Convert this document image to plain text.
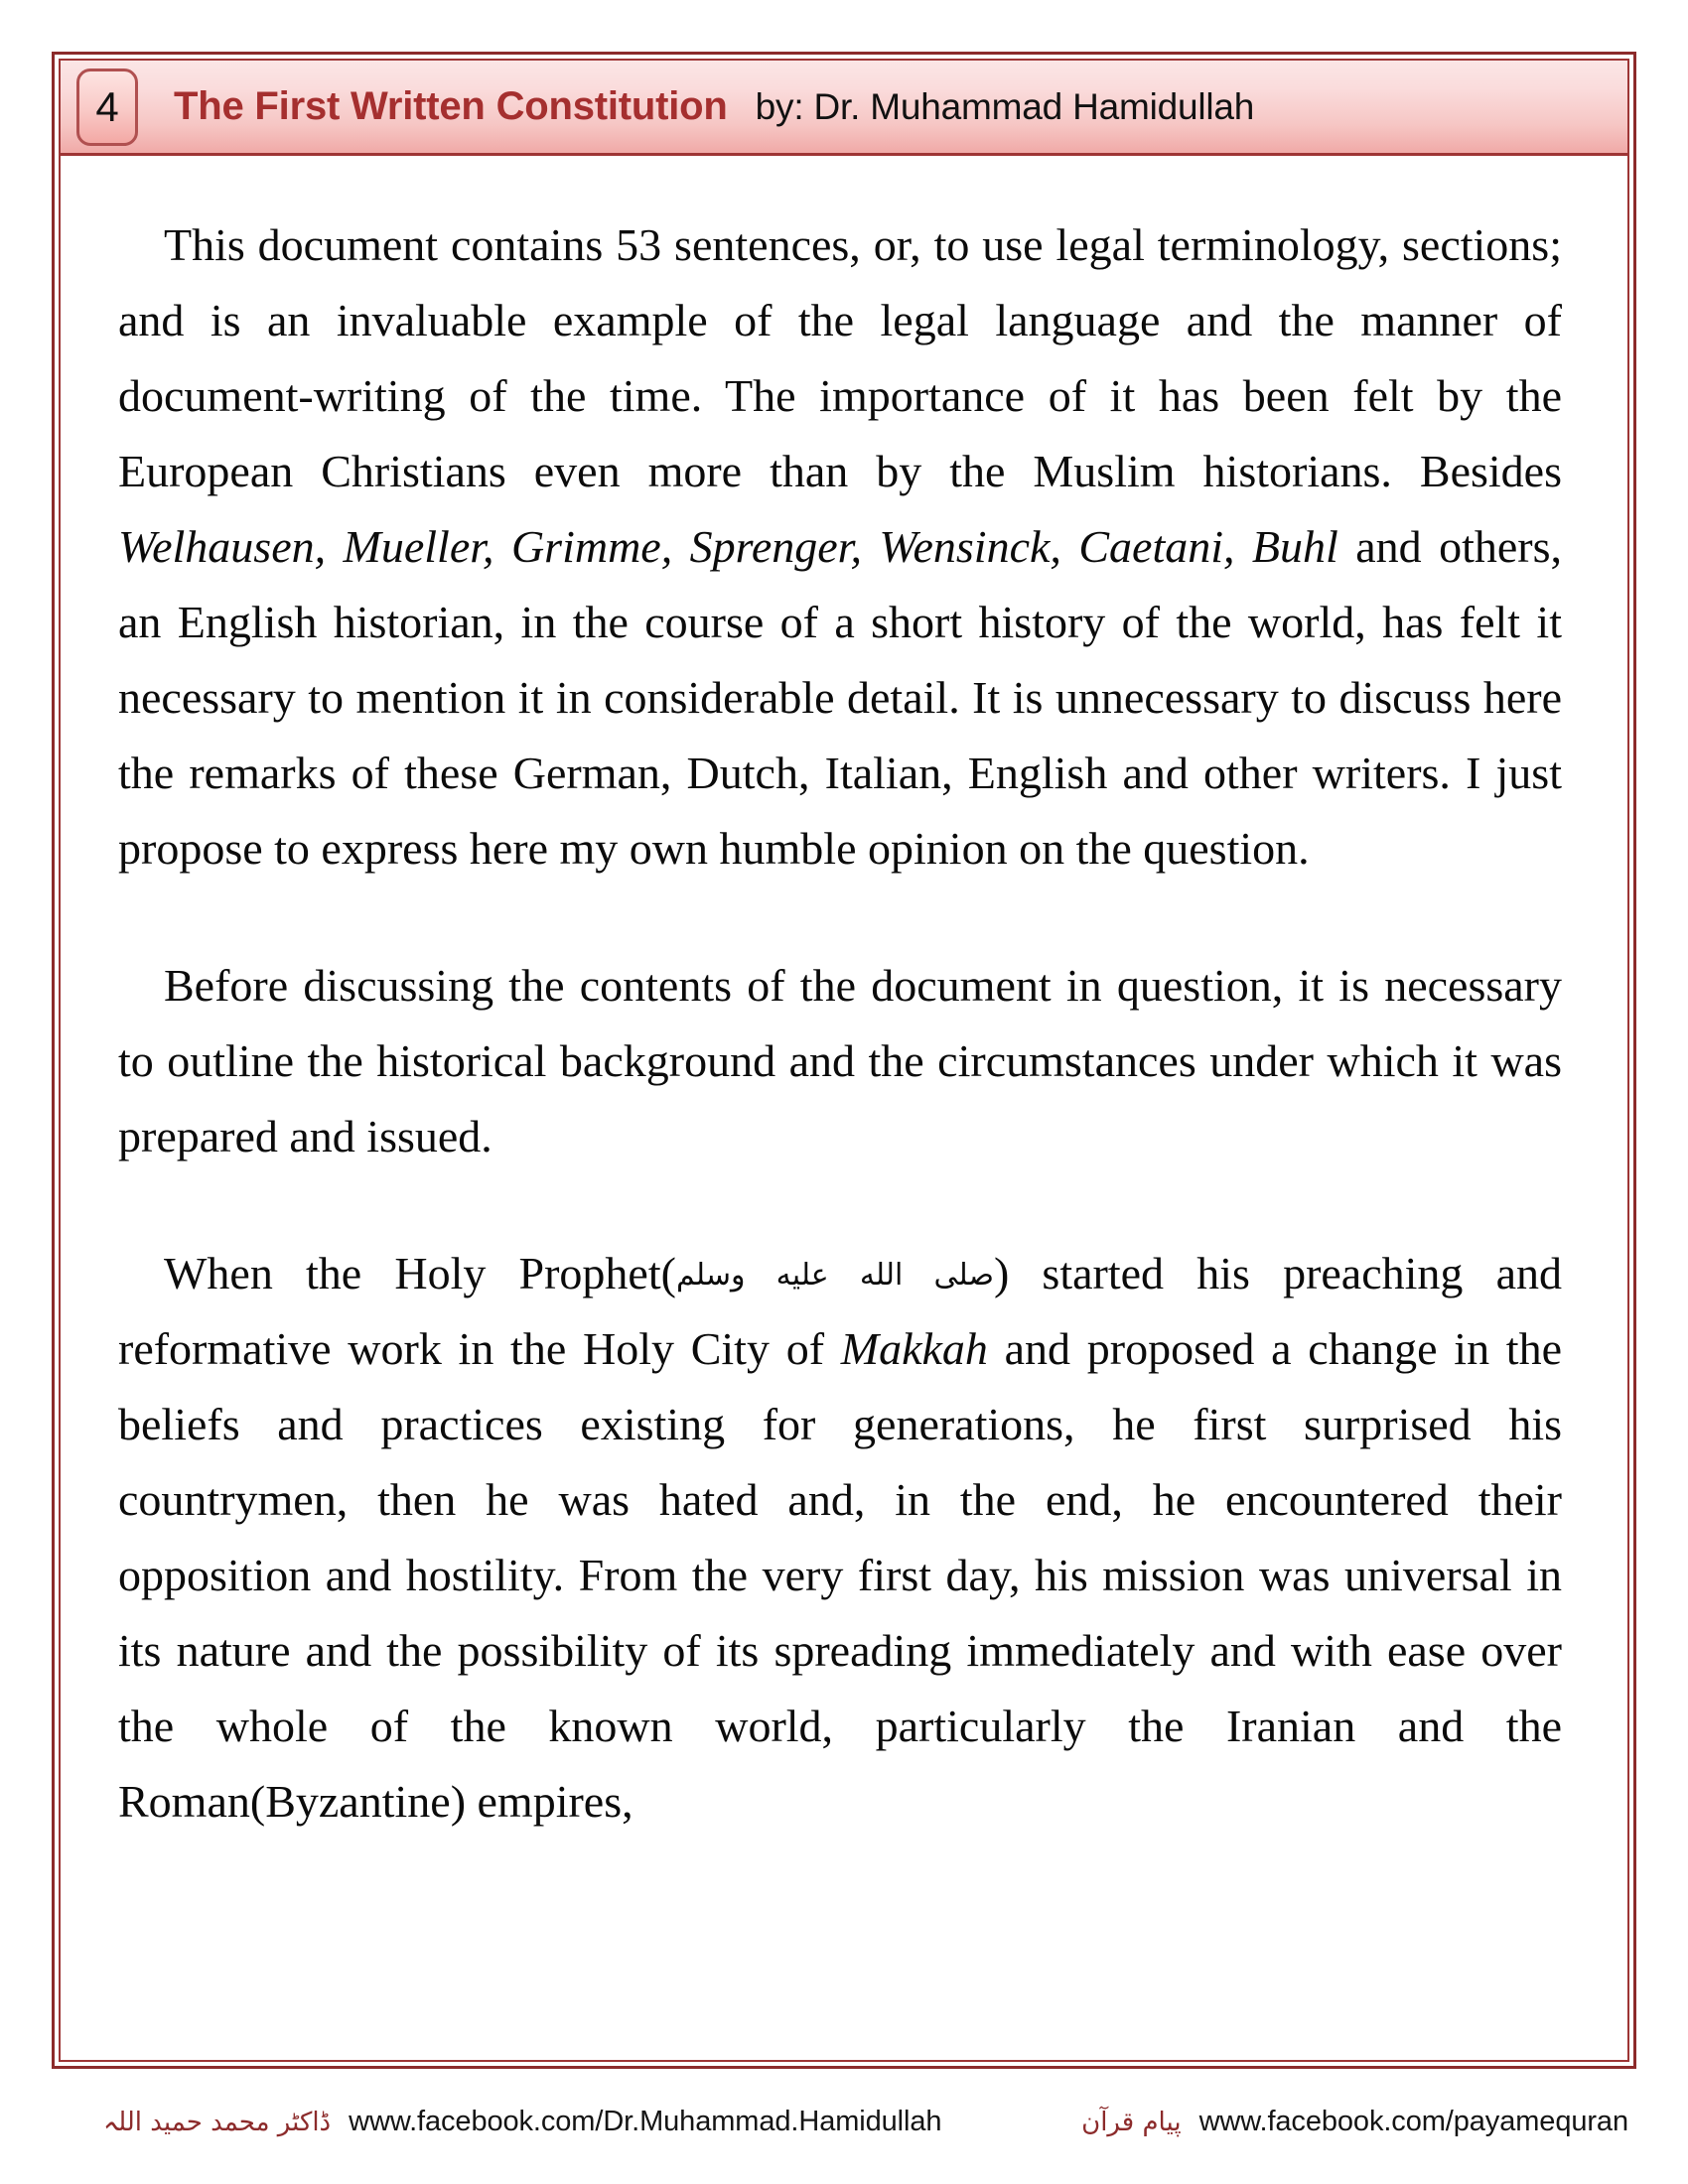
4 The First Written Constitution by: Dr. Muhammad Hamidullah

This document contains 53 sentences, or, to use legal terminology, sections; and is an invaluable example of the legal language and the manner of document-writing of the time. The importance of it has been felt by the European Christians even more than by the Muslim historians. Besides Welhausen, Mueller, Grimme, Sprenger, Wensinck, Caetani, Buhl and others, an English historian, in the course of a short history of the world, has felt it necessary to mention it in considerable detail. It is unnecessary to discuss here the remarks of these German, Dutch, Italian, English and other writers. I just propose to express here my own humble opinion on the question.

Before discussing the contents of the document in question, it is necessary to outline the historical background and the circumstances under which it was prepared and issued.

When the Holy Prophet(صلى الله عليه وسلم) started his preaching and reformative work in the Holy City of Makkah and proposed a change in the beliefs and practices existing for generations, he first surprised his countrymen, then he was hated and, in the end, he encountered their opposition and hostility. From the very first day, his mission was universal in its nature and the possibility of its spreading immediately and with ease over the whole of the known world, particularly the Iranian and the Roman(Byzantine) empires,

ڈاکٹر محمد حمید اللہ www.facebook.com/Dr.Muhammad.Hamidullah	پیام قرآن www.facebook.com/payamequran
